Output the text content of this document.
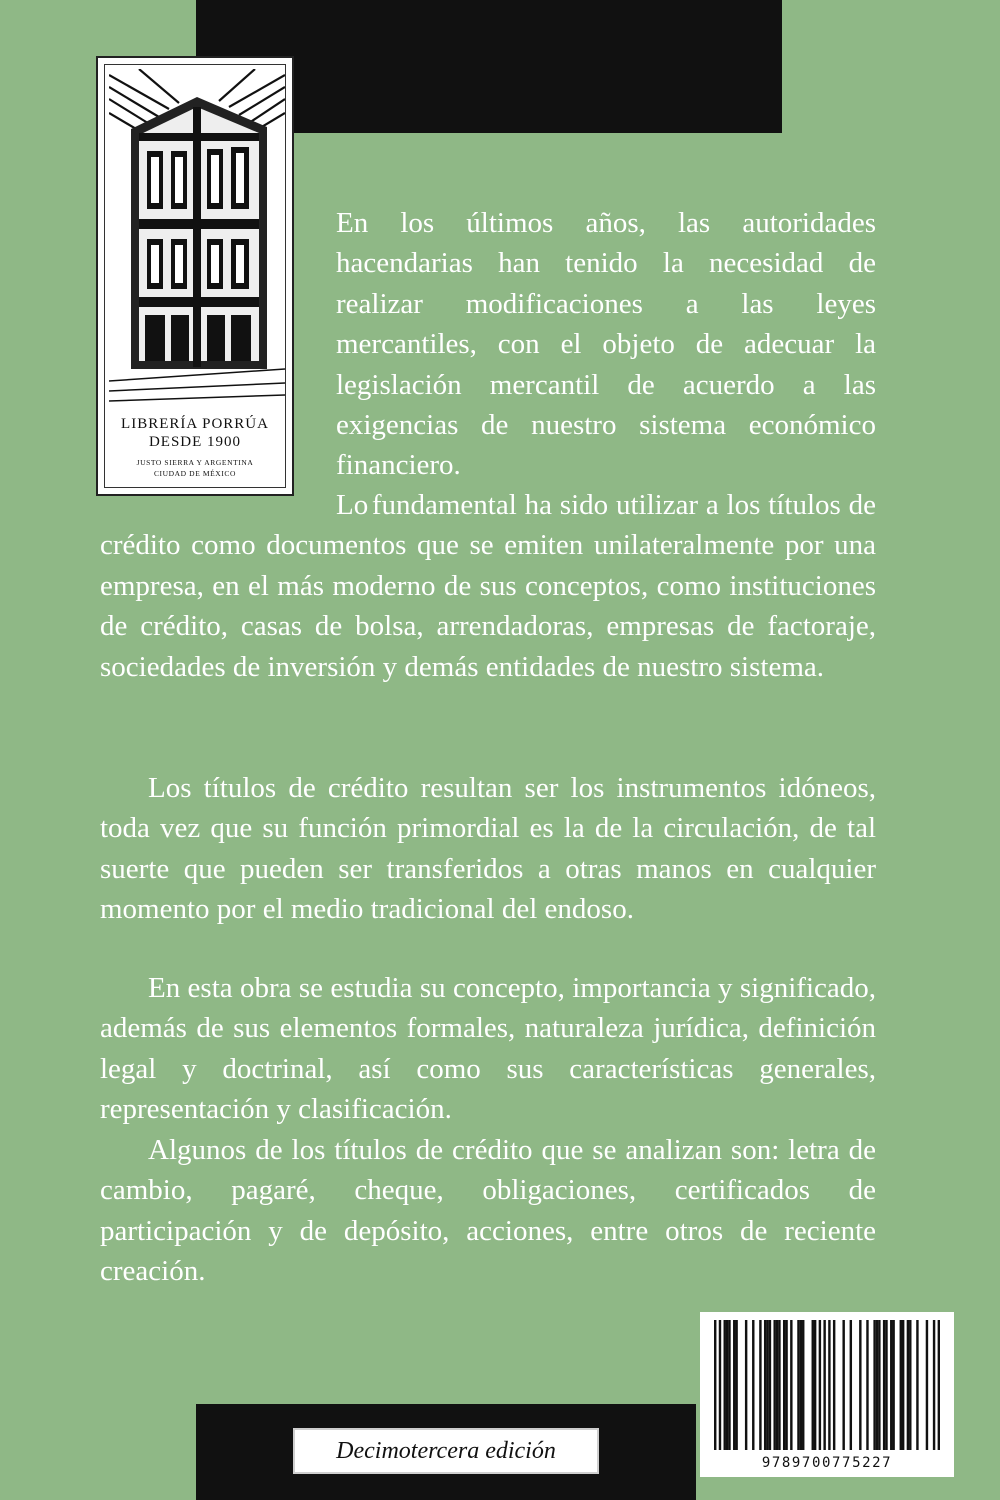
LIBRERÍA PORRÚA
DESDE 1900
JUSTO SIERRA Y ARGENTINA
CIUDAD DE MÉXICO

En los últimos años, las autoridades hacendarias han tenido la necesidad de realizar modificaciones a las leyes mercantiles, con el objeto de adecuar la legislación mercantil de acuerdo a las exigencias de nuestro sistema económico financiero.

Lo fundamental ha sido utilizar a los títulos de crédito como documentos que se emiten unilateralmente por una empresa, en el más moderno de sus conceptos, como instituciones de crédito, casas de bolsa, arrendadoras, empresas de factoraje, sociedades de inversión y demás entidades de nuestro sistema.

Los títulos de crédito resultan ser los instrumentos idóneos, toda vez que su función primordial es la de la circulación, de tal suerte que pueden ser transferidos a otras manos en cualquier momento por el medio tradicional del endoso.

En esta obra se estudia su concepto, importancia y significado, además de sus elementos formales, naturaleza jurídica, definición legal y doctrinal, así como sus características generales, representación y clasificación.

Algunos de los títulos de crédito que se analizan son: letra de cambio, pagaré, cheque, obligaciones, certificados de participación y de depósito, acciones, entre otros de reciente creación.

9789700775227
Decimotercera edición
